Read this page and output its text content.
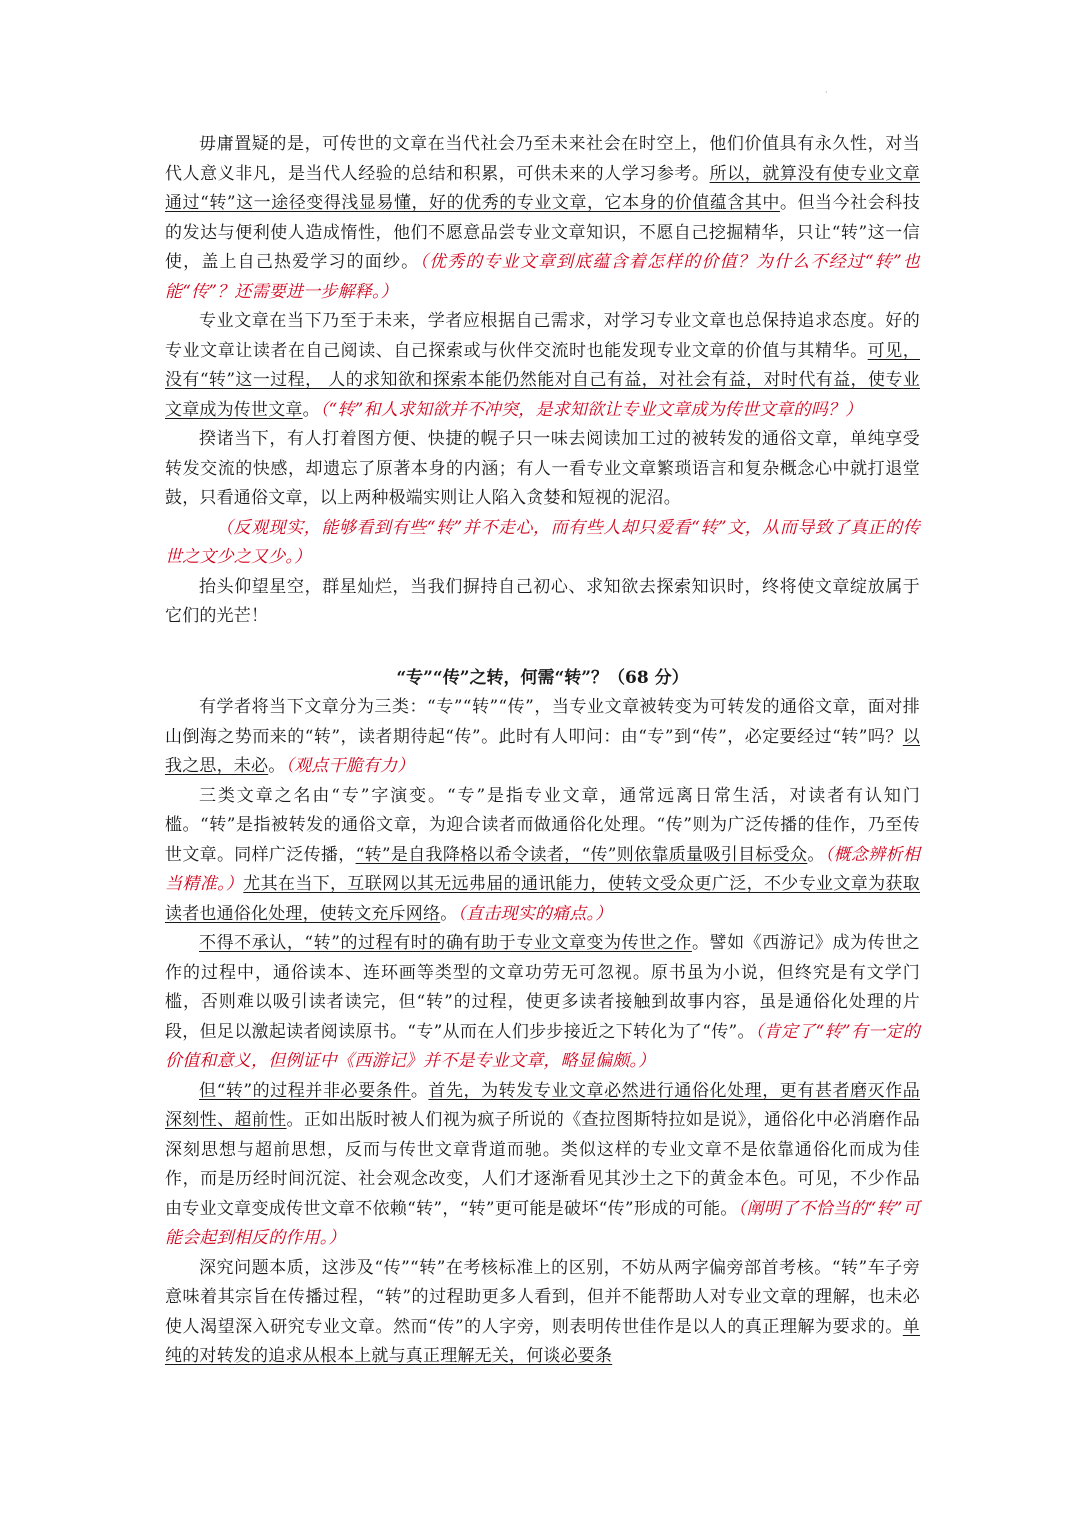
·

毋庸置疑的是，可传世的文章在当代社会乃至未来社会在时空上，他们价值具有永久性，对当代人意义非凡，是当代人经验的总结和积累，可供未来的人学习参考。所以，就算没有使专业文章通过“转”这一途径变得浅显易懂，好的优秀的专业文章，它本身的价值蕴含其中。但当今社会科技的发达与便利使人造成惰性，他们不愿意品尝专业文章知识，不愿自己挖掘精华，只让“转”这一信使，盖上自己热爱学习的面纱。（优秀的专业文章到底蕴含着怎样的价值？为什么不经过“转”也能“传”？还需要进一步解释。）

专业文章在当下乃至于未来，学者应根据自己需求，对学习专业文章也总保持追求态度。好的专业文章让读者在自己阅读、自己探索或与伙伴交流时也能发现专业文章的价值与其精华。可见，没有“转”这一过程， 人的求知欲和探索本能仍然能对自己有益，对社会有益，对时代有益，使专业文章成为传世文章。（“转”和人求知欲并不冲突，是求知欲让专业文章成为传世文章的吗？）

揆诸当下，有人打着图方便、快捷的幌子只一味去阅读加工过的被转发的通俗文章，单纯享受转发交流的快感，却遗忘了原著本身的内涵；有人一看专业文章繁琐语言和复杂概念心中就打退堂鼓，只看通俗文章，以上两种极端实则让人陷入贪婪和短视的泥沼。

（反观现实，能够看到有些“转”并不走心，而有些人却只爱看“转”文，从而导致了真正的传世之文少之又少。）

抬头仰望星空，群星灿烂，当我们摒持自己初心、求知欲去探索知识时，终将使文章绽放属于它们的光芒！

“专”“传”之转，何需“转”？（68 分）

有学者将当下文章分为三类：“专”“转”“传”，当专业文章被转变为可转发的通俗文章，面对排山倒海之势而来的“转”，读者期待起“传”。此时有人叩问：由“专”到“传”，必定要经过“转”吗？以我之思，未必。（观点干脆有力）

三类文章之名由“专”字演变。“专”是指专业文章，通常远离日常生活，对读者有认知门槛。“转”是指被转发的通俗文章，为迎合读者而做通俗化处理。“传”则为广泛传播的佳作，乃至传世文章。同样广泛传播，“转”是自我降格以希令读者，“传”则依靠质量吸引目标受众。（概念辨析相当精准。）尤其在当下，互联网以其无远弗届的通讯能力，使转文受众更广泛，不少专业文章为获取读者也通俗化处理，使转文充斥网络。（直击现实的痛点。）

不得不承认，“转”的过程有时的确有助于专业文章变为传世之作。譬如《西游记》成为传世之作的过程中，通俗读本、连环画等类型的文章功劳无可忽视。原书虽为小说，但终究是有文学门槛，否则难以吸引读者读完，但“转”的过程，使更多读者接触到故事内容，虽是通俗化处理的片段，但足以激起读者阅读原书。“专”从而在人们步步接近之下转化为了“传”。（肯定了“转”有一定的价值和意义，但例证中《西游记》并不是专业文章，略显偏颇。）

但“转”的过程并非必要条件。首先，为转发专业文章必然进行通俗化处理，更有甚者磨灭作品深刻性、超前性。正如出版时被人们视为疯子所说的《查拉图斯特拉如是说》，通俗化中必消磨作品深刻思想与超前思想，反而与传世文章背道而驰。类似这样的专业文章不是依靠通俗化而成为佳作，而是历经时间沉淀、社会观念改变，人们才逐渐看见其沙土之下的黄金本色。可见，不少作品由专业文章变成传世文章不依赖“转”，“转”更可能是破坏“传”形成的可能。（阐明了不恰当的“转”可能会起到相反的作用。）

深究问题本质，这涉及“传”“转”在考核标准上的区别，不妨从两字偏旁部首考核。“转”车子旁意味着其宗旨在传播过程，“转”的过程助更多人看到，但并不能帮助人对专业文章的理解，也未必使人渴望深入研究专业文章。然而“传”的人字旁，则表明传世佳作是以人的真正理解为要求的。单纯的对转发的追求从根本上就与真正理解无关，何谈必要条
